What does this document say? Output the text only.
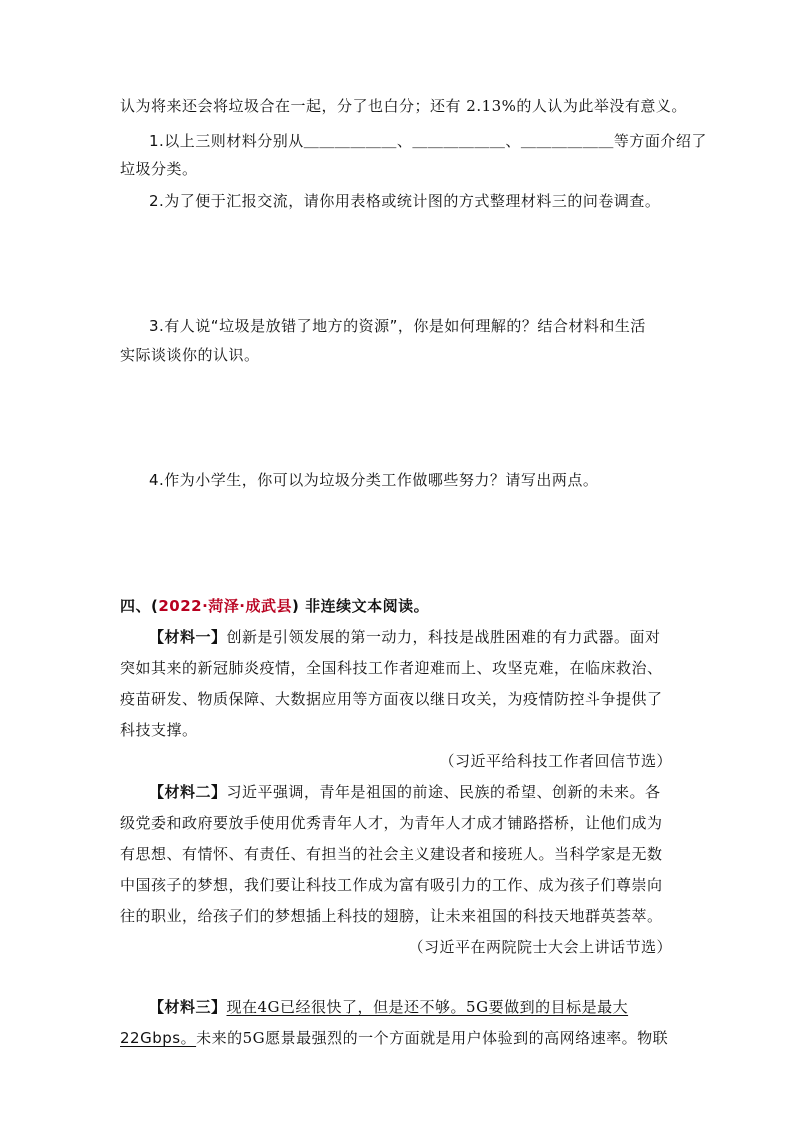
认为将来还会将垃圾合在一起，分了也白分；还有 2.13%的人认为此举没有意义。
1.以上三则材料分别从＿＿＿＿＿＿、＿＿＿＿＿＿、＿＿＿＿＿＿等方面介绍了
垃圾分类。
2.为了便于汇报交流，请你用表格或统计图的方式整理材料三的问卷调查。
3.有人说“垃圾是放错了地方的资源”，你是如何理解的？结合材料和生活
实际谈谈你的认识。
4.作为小学生，你可以为垃圾分类工作做哪些努力？请写出两点。
四、(2022·菏泽·成武县) 非连续文本阅读。
【材料一】创新是引领发展的第一动力，科技是战胜困难的有力武器。面对
突如其来的新冠肺炎疫情，全国科技工作者迎难而上、攻坚克难，在临床救治、
疫苗研发、物质保障、大数据应用等方面夜以继日攻关，为疫情防控斗争提供了
科技支撑。
（习近平给科技工作者回信节选）
【材料二】习近平强调，青年是祖国的前途、民族的希望、创新的未来。各
级党委和政府要放手使用优秀青年人才，为青年人才成才铺路搭桥，让他们成为
有思想、有情怀、有责任、有担当的社会主义建设者和接班人。当科学家是无数
中国孩子的梦想，我们要让科技工作成为富有吸引力的工作、成为孩子们尊崇向
往的职业，给孩子们的梦想插上科技的翅膀，让未来祖国的科技天地群英荟萃。
（习近平在两院院士大会上讲话节选）
【材料三】现在4G已经很快了，但是还不够。5G要做到的目标是最大
22Gbps。未来的5G愿景最强烈的一个方面就是用户体验到的高网络速率。物联
